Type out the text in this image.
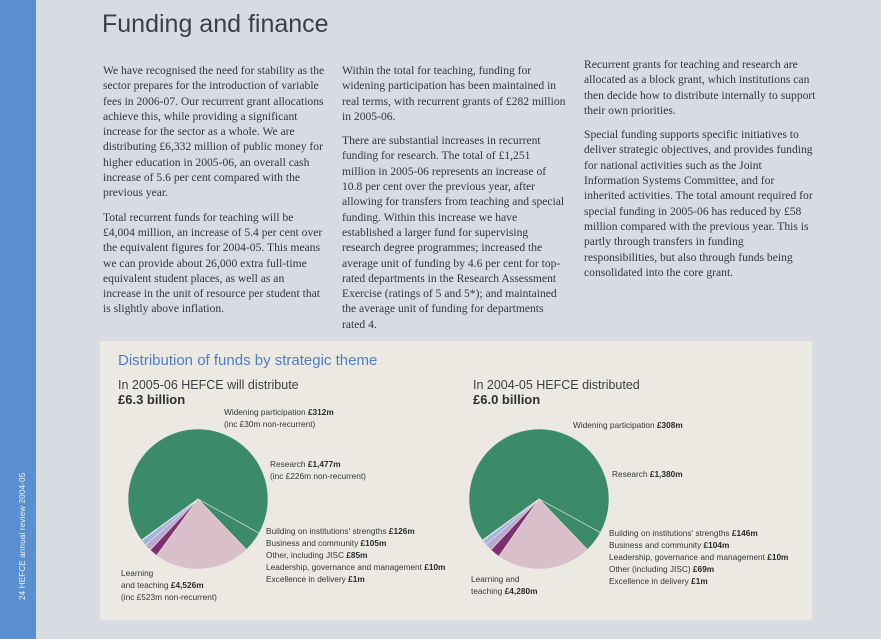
24 HEFCE annual review 2004-05
Funding and finance

We have recognised the need for stability as the sector prepares for the introduction of variable fees in 2006-07. Our recurrent grant allocations achieve this, while providing a significant increase for the sector as a whole. We are distributing £6,332 million of public money for higher education in 2005-06, an overall cash increase of 5.6 per cent compared with the previous year.

Total recurrent funds for teaching will be £4,004 million, an increase of 5.4 per cent over the equivalent figures for 2004-05. This means we can provide about 26,000 extra full-time equivalent student places, as well as an increase in the unit of resource per student that is slightly above inflation.

Within the total for teaching, funding for widening participation has been maintained in real terms, with recurrent grants of £282 million in 2005-06.

There are substantial increases in recurrent funding for research. The total of £1,251 million in 2005-06 represents an increase of 10.8 per cent over the previous year, after allowing for transfers from teaching and special funding. Within this increase we have established a larger fund for supervising research degree programmes; increased the average unit of funding by 4.6 per cent for top-rated departments in the Research Assessment Exercise (ratings of 5 and 5*); and maintained the average unit of funding for departments rated 4.

Recurrent grants for teaching and research are allocated as a block grant, which institutions can then decide how to distribute internally to support their own priorities.

Special funding supports specific initiatives to deliver strategic objectives, and provides funding for national activities such as the Joint Information Systems Committee, and for inherited activities. The total amount required for special funding in 2005-06 has reduced by £58 million compared with the previous year. This is partly through transfers in funding responsibilities, but also through funds being consolidated into the core grant.

Distribution of funds by strategic theme
In 2005-06 HEFCE will distribute
£6.3 billion
Widening participation £312m
(inc £30m non-recurrent)
Research £1,477m
(inc £226m non-recurrent)
Building on institutions' strengths £126m
Business and community £105m
Other, including JISC £85m
Leadership, governance and management £10m
Excellence in delivery £1m
Learning
and teaching £4,526m
(inc £523m non-recurrent)
In 2004-05 HEFCE distributed
£6.0 billion
Widening participation £308m
Research £1,380m
Building on institutions' strengths £146m
Business and community £104m
Leadership, governance and management £10m
Other (including JISC) £69m
Excellence in delivery £1m
Learning and
teaching £4,280m
